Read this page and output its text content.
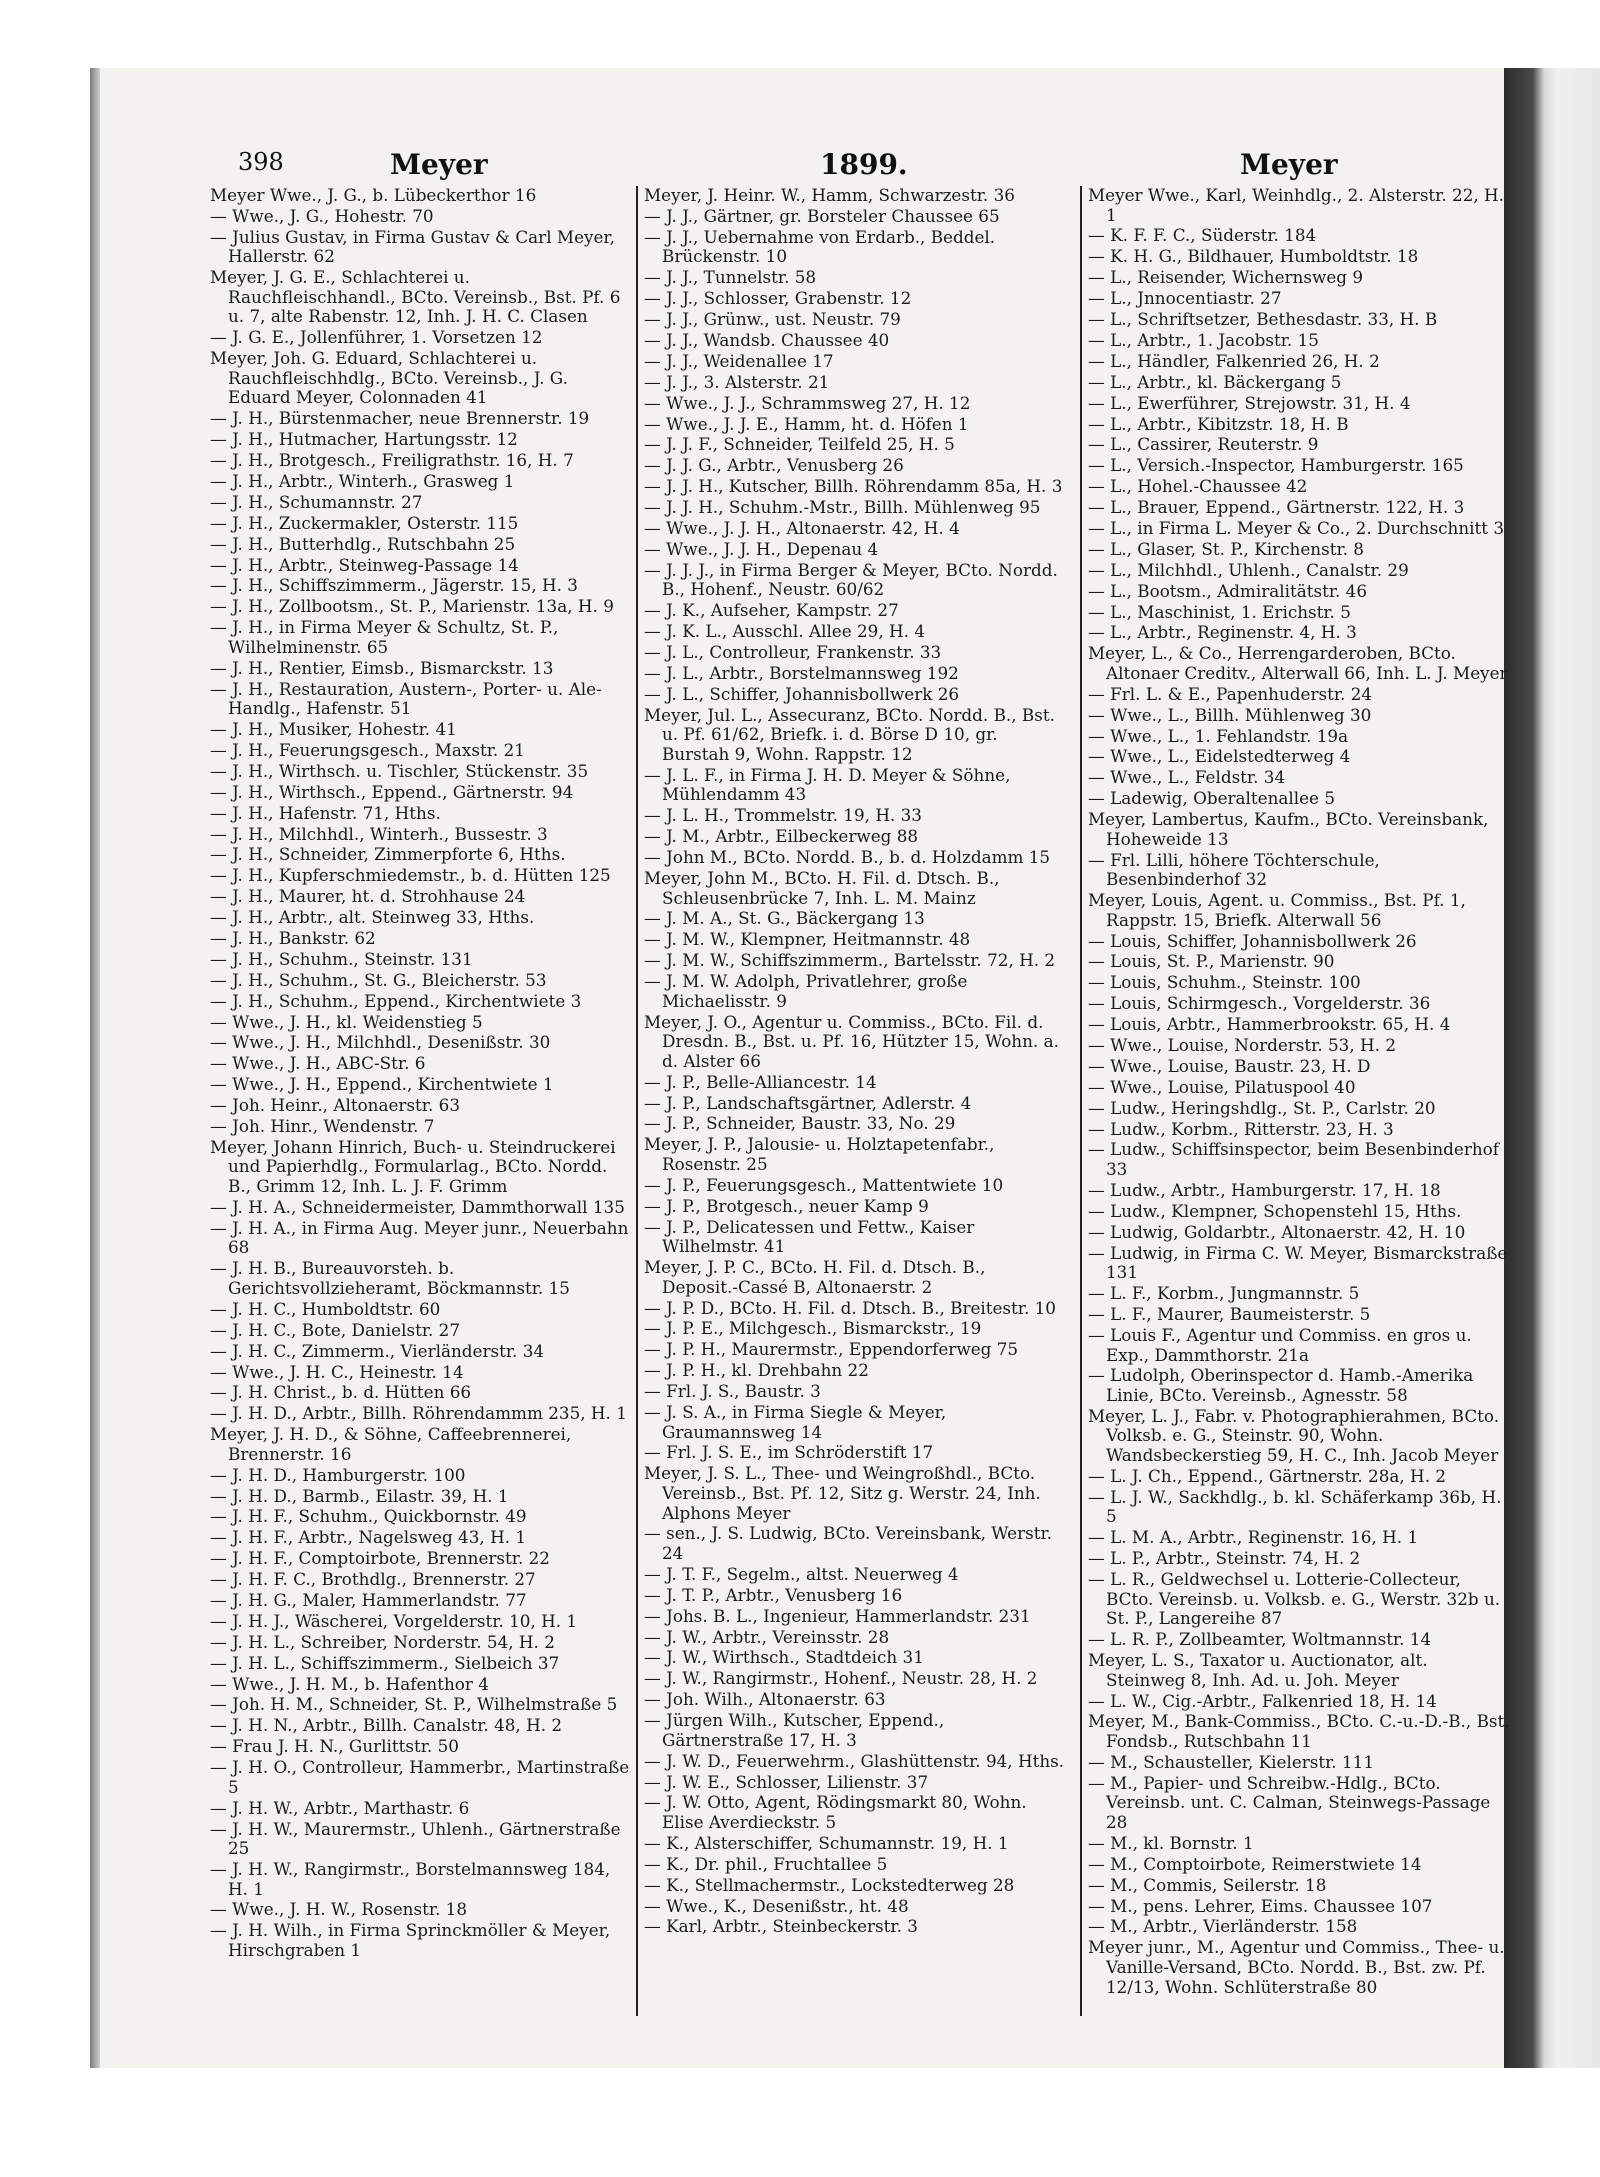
398	Meyer	1899.	Meyer
Meyer Wwe., J. G., b. Lübeckerthor 16
— Wwe., J. G., Hohestr. 70
— Julius Gustav, in Firma Gustav & Carl Meyer, Hallerstr. 62
Meyer, J. G. E., Schlachterei u. Rauchfleischhandl., BCto. Vereinsb., Bst. Pf. 6 u. 7, alte Rabenstr. 12, Inh. J. H. C. Clasen
— J. G. E., Jollenführer, 1. Vorsetzen 12
Meyer, Joh. G. Eduard, Schlachterei u. Rauchfleischhdlg., BCto. Vereinsb., J. G. Eduard Meyer, Colonnaden 41
— J. H., Bürstenmacher, neue Brennerstr. 19
— J. H., Hutmacher, Hartungsstr. 12
— J. H., Brotgesch., Freiligrathstr. 16, H. 7
— J. H., Arbtr., Winterh., Grasweg 1
— J. H., Schumannstr. 27
— J. H., Zuckermakler, Osterstr. 115
— J. H., Butterhdlg., Rutschbahn 25
— J. H., Arbtr., Steinweg-Passage 14
— J. H., Schiffszimmerm., Jägerstr. 15, H. 3
— J. H., Zollbootsm., St. P., Marienstr. 13a, H. 9
— J. H., in Firma Meyer & Schultz, St. P., Wilhelminenstr. 65
— J. H., Rentier, Eimsb., Bismarckstr. 13
— J. H., Restauration, Austern-, Porter- u. Ale-Handlg., Hafenstr. 51
— J. H., Musiker, Hohestr. 41
— J. H., Feuerungsgesch., Maxstr. 21
— J. H., Wirthsch. u. Tischler, Stückenstr. 35
— J. H., Wirthsch., Eppend., Gärtnerstr. 94
— J. H., Hafenstr. 71, Hths.
— J. H., Milchhdl., Winterh., Bussestr. 3
— J. H., Schneider, Zimmerpforte 6, Hths.
— J. H., Kupferschmiedemstr., b. d. Hütten 125
— J. H., Maurer, ht. d. Strohhause 24
— J. H., Arbtr., alt. Steinweg 33, Hths.
— J. H., Bankstr. 62
— J. H., Schuhm., Steinstr. 131
— J. H., Schuhm., St. G., Bleicherstr. 53
— J. H., Schuhm., Eppend., Kirchentwiete 3
— Wwe., J. H., kl. Weidenstieg 5
— Wwe., J. H., Milchhdl., Desenißstr. 30
— Wwe., J. H., ABC-Str. 6
— Wwe., J. H., Eppend., Kirchentwiete 1
— Joh. Heinr., Altonaerstr. 63
— Joh. Hinr., Wendenstr. 7
Meyer, Johann Hinrich, Buch- u. Steindruckerei und Papierhdlg., Formularlag., BCto. Nordd. B., Grimm 12, Inh. L. J. F. Grimm
— J. H. A., Schneidermeister, Dammthorwall 135
— J. H. A., in Firma Aug. Meyer junr., Neuerbahn 68
— J. H. B., Bureauvorsteh. b. Gerichtsvollzieheramt, Böckmannstr. 15
— J. H. C., Humboldtstr. 60
— J. H. C., Bote, Danielstr. 27
— J. H. C., Zimmerm., Vierländerstr. 34
— Wwe., J. H. C., Heinestr. 14
— J. H. Christ., b. d. Hütten 66
— J. H. D., Arbtr., Billh. Röhrendammm 235, H. 1
Meyer, J. H. D., & Söhne, Caffeebrennerei, Brennerstr. 16
— J. H. D., Hamburgerstr. 100
— J. H. D., Barmb., Eilastr. 39, H. 1
— J. H. F., Schuhm., Quickbornstr. 49
— J. H. F., Arbtr., Nagelsweg 43, H. 1
— J. H. F., Comptoirbote, Brennerstr. 22
— J. H. F. C., Brothdlg., Brennerstr. 27
— J. H. G., Maler, Hammerlandstr. 77
— J. H. J., Wäscherei, Vorgelderstr. 10, H. 1
— J. H. L., Schreiber, Norderstr. 54, H. 2
— J. H. L., Schiffszimmerm., Sielbeich 37
— Wwe., J. H. M., b. Hafenthor 4
— Joh. H. M., Schneider, St. P., Wilhelmstraße 5
— J. H. N., Arbtr., Billh. Canalstr. 48, H. 2
— Frau J. H. N., Gurlittstr. 50
— J. H. O., Controlleur, Hammerbr., Martinstraße 5
— J. H. W., Arbtr., Marthastr. 6
— J. H. W., Maurermstr., Uhlenh., Gärtnerstraße 25
— J. H. W., Rangirmstr., Borstelmannsweg 184, H. 1
— Wwe., J. H. W., Rosenstr. 18
— J. H. Wilh., in Firma Sprinckmöller & Meyer, Hirschgraben 1
Meyer, J. Heinr. W., Hamm, Schwarzestr. 36
— J. J., Gärtner, gr. Borsteler Chaussee 65
— J. J., Uebernahme von Erdarb., Beddel. Brückenstr. 10
— J. J., Tunnelstr. 58
— J. J., Schlosser, Grabenstr. 12
— J. J., Grünw., ust. Neustr. 79
— J. J., Wandsb. Chaussee 40
— J. J., Weidenallee 17
— J. J., 3. Alsterstr. 21
— Wwe., J. J., Schrammsweg 27, H. 12
— Wwe., J. J. E., Hamm, ht. d. Höfen 1
— J. J. F., Schneider, Teilfeld 25, H. 5
— J. J. G., Arbtr., Venusberg 26
— J. J. H., Kutscher, Billh. Röhrendamm 85a, H. 3
— J. J. H., Schuhm.-Mstr., Billh. Mühlenweg 95
— Wwe., J. J. H., Altonaerstr. 42, H. 4
— Wwe., J. J. H., Depenau 4
— J. J. J., in Firma Berger & Meyer, BCto. Nordd. B., Hohenf., Neustr. 60/62
— J. K., Aufseher, Kampstr. 27
— J. K. L., Ausschl. Allee 29, H. 4
— J. L., Controlleur, Frankenstr. 33
— J. L., Arbtr., Borstelmannsweg 192
— J. L., Schiffer, Johannisbollwerk 26
Meyer, Jul. L., Assecuranz, BCto. Nordd. B., Bst. u. Pf. 61/62, Briefk. i. d. Börse D 10, gr. Burstah 9, Wohn. Rappstr. 12
— J. L. F., in Firma J. H. D. Meyer & Söhne, Mühlendamm 43
— J. L. H., Trommelstr. 19, H. 33
— J. M., Arbtr., Eilbeckerweg 88
— John M., BCto. Nordd. B., b. d. Holzdamm 15
Meyer, John M., BCto. H. Fil. d. Dtsch. B., Schleusenbrücke 7, Inh. L. M. Mainz
— J. M. A., St. G., Bäckergang 13
— J. M. W., Klempner, Heitmannstr. 48
— J. M. W., Schiffszimmerm., Bartelsstr. 72, H. 2
— J. M. W. Adolph, Privatlehrer, große Michaelisstr. 9
Meyer, J. O., Agentur u. Commiss., BCto. Fil. d. Dresdn. B., Bst. u. Pf. 16, Hützter 15, Wohn. a. d. Alster 66
— J. P., Belle-Alliancestr. 14
— J. P., Landschaftsgärtner, Adlerstr. 4
— J. P., Schneider, Baustr. 33, No. 29
Meyer, J. P., Jalousie- u. Holztapetenfabr., Rosenstr. 25
— J. P., Feuerungsgesch., Mattentwiete 10
— J. P., Brotgesch., neuer Kamp 9
— J. P., Delicatessen und Fettw., Kaiser Wilhelmstr. 41
Meyer, J. P. C., BCto. H. Fil. d. Dtsch. B., Deposit.-Cassé B, Altonaerstr. 2
— J. P. D., BCto. H. Fil. d. Dtsch. B., Breitestr. 10
— J. P. E., Milchgesch., Bismarckstr., 19
— J. P. H., Maurermstr., Eppendorferweg 75
— J. P. H., kl. Drehbahn 22
— Frl. J. S., Baustr. 3
— J. S. A., in Firma Siegle & Meyer, Graumannsweg 14
— Frl. J. S. E., im Schröderstift 17
Meyer, J. S. L., Thee- und Weingroßhdl., BCto. Vereinsb., Bst. Pf. 12, Sitz g. Werstr. 24, Inh. Alphons Meyer
— sen., J. S. Ludwig, BCto. Vereinsbank, Werstr. 24
— J. T. F., Segelm., altst. Neuerweg 4
— J. T. P., Arbtr., Venusberg 16
— Johs. B. L., Ingenieur, Hammerlandstr. 231
— J. W., Arbtr., Vereinsstr. 28
— J. W., Wirthsch., Stadtdeich 31
— J. W., Rangirmstr., Hohenf., Neustr. 28, H. 2
— Joh. Wilh., Altonaerstr. 63
— Jürgen Wilh., Kutscher, Eppend., Gärtnerstraße 17, H. 3
— J. W. D., Feuerwehrm., Glashüttenstr. 94, Hths.
— J. W. E., Schlosser, Lilienstr. 37
— J. W. Otto, Agent, Rödingsmarkt 80, Wohn. Elise Averdieckstr. 5
— K., Alsterschiffer, Schumannstr. 19, H. 1
— K., Dr. phil., Fruchtallee 5
— K., Stellmachermstr., Lockstedterweg 28
— Wwe., K., Desenißstr., ht. 48
— Karl, Arbtr., Steinbeckerstr. 3
Meyer Wwe., Karl, Weinhdlg., 2. Alsterstr. 22, H. 1
— K. F. F. C., Süderstr. 184
— K. H. G., Bildhauer, Humboldtstr. 18
— L., Reisender, Wichernsweg 9
— L., Jnnocentiastr. 27
— L., Schriftsetzer, Bethesdastr. 33, H. B
— L., Arbtr., 1. Jacobstr. 15
— L., Händler, Falkenried 26, H. 2
— L., Arbtr., kl. Bäckergang 5
— L., Ewerführer, Strejowstr. 31, H. 4
— L., Arbtr., Kibitzstr. 18, H. B
— L., Cassirer, Reuterstr. 9
— L., Versich.-Inspector, Hamburgerstr. 165
— L., Hohel.-Chaussee 42
— L., Brauer, Eppend., Gärtnerstr. 122, H. 3
— L., in Firma L. Meyer & Co., 2. Durchschnitt 3
— L., Glaser, St. P., Kirchenstr. 8
— L., Milchhdl., Uhlenh., Canalstr. 29
— L., Bootsm., Admiralitätstr. 46
— L., Maschinist, 1. Erichstr. 5
— L., Arbtr., Reginenstr. 4, H. 3
Meyer, L., & Co., Herrengarderoben, BCto. Altonaer Creditv., Alterwall 66, Inh. L. J. Meyer
— Frl. L. & E., Papenhuderstr. 24
— Wwe., L., Billh. Mühlenweg 30
— Wwe., L., 1. Fehlandstr. 19a
— Wwe., L., Eidelstedterweg 4
— Wwe., L., Feldstr. 34
— Ladewig, Oberaltenallee 5
Meyer, Lambertus, Kaufm., BCto. Vereinsbank, Hoheweide 13
— Frl. Lilli, höhere Töchterschule, Besenbinderhof 32
Meyer, Louis, Agent. u. Commiss., Bst. Pf. 1, Rappstr. 15, Briefk. Alterwall 56
— Louis, Schiffer, Johannisbollwerk 26
— Louis, St. P., Marienstr. 90
— Louis, Schuhm., Steinstr. 100
— Louis, Schirmgesch., Vorgelderstr. 36
— Louis, Arbtr., Hammerbrookstr. 65, H. 4
— Wwe., Louise, Norderstr. 53, H. 2
— Wwe., Louise, Baustr. 23, H. D
— Wwe., Louise, Pilatuspool 40
— Ludw., Heringshdlg., St. P., Carlstr. 20
— Ludw., Korbm., Ritterstr. 23, H. 3
— Ludw., Schiffsinspector, beim Besenbinderhof 33
— Ludw., Arbtr., Hamburgerstr. 17, H. 18
— Ludw., Klempner, Schopenstehl 15, Hths.
— Ludwig, Goldarbtr., Altonaerstr. 42, H. 10
— Ludwig, in Firma C. W. Meyer, Bismarckstraße 131
— L. F., Korbm., Jungmannstr. 5
— L. F., Maurer, Baumeisterstr. 5
— Louis F., Agentur und Commiss. en gros u. Exp., Dammthorstr. 21a
— Ludolph, Oberinspector d. Hamb.-Amerika Linie, BCto. Vereinsb., Agnesstr. 58
Meyer, L. J., Fabr. v. Photographierahmen, BCto. Volksb. e. G., Steinstr. 90, Wohn. Wandsbeckerstieg 59, H. C., Inh. Jacob Meyer
— L. J. Ch., Eppend., Gärtnerstr. 28a, H. 2
— L. J. W., Sackhdlg., b. kl. Schäferkamp 36b, H. 5
— L. M. A., Arbtr., Reginenstr. 16, H. 1
— L. P., Arbtr., Steinstr. 74, H. 2
— L. R., Geldwechsel u. Lotterie-Collecteur, BCto. Vereinsb. u. Volksb. e. G., Werstr. 32b u. St. P., Langereihe 87
— L. R. P., Zollbeamter, Woltmannstr. 14
Meyer, L. S., Taxator u. Auctionator, alt. Steinweg 8, Inh. Ad. u. Joh. Meyer
— L. W., Cig.-Arbtr., Falkenried 18, H. 14
Meyer, M., Bank-Commiss., BCto. C.-u.-D.-B., Bst. Fondsb., Rutschbahn 11
— M., Schausteller, Kielerstr. 111
— M., Papier- und Schreibw.-Hdlg., BCto. Vereinsb. unt. C. Calman, Steinwegs-Passage 28
— M., kl. Bornstr. 1
— M., Comptoirbote, Reimerstwiete 14
— M., Commis, Seilerstr. 18
— M., pens. Lehrer, Eims. Chaussee 107
— M., Arbtr., Vierländerstr. 158
Meyer junr., M., Agentur und Commiss., Thee- u. Vanille-Versand, BCto. Nordd. B., Bst. zw. Pf. 12/13, Wohn. Schlüterstraße 80
